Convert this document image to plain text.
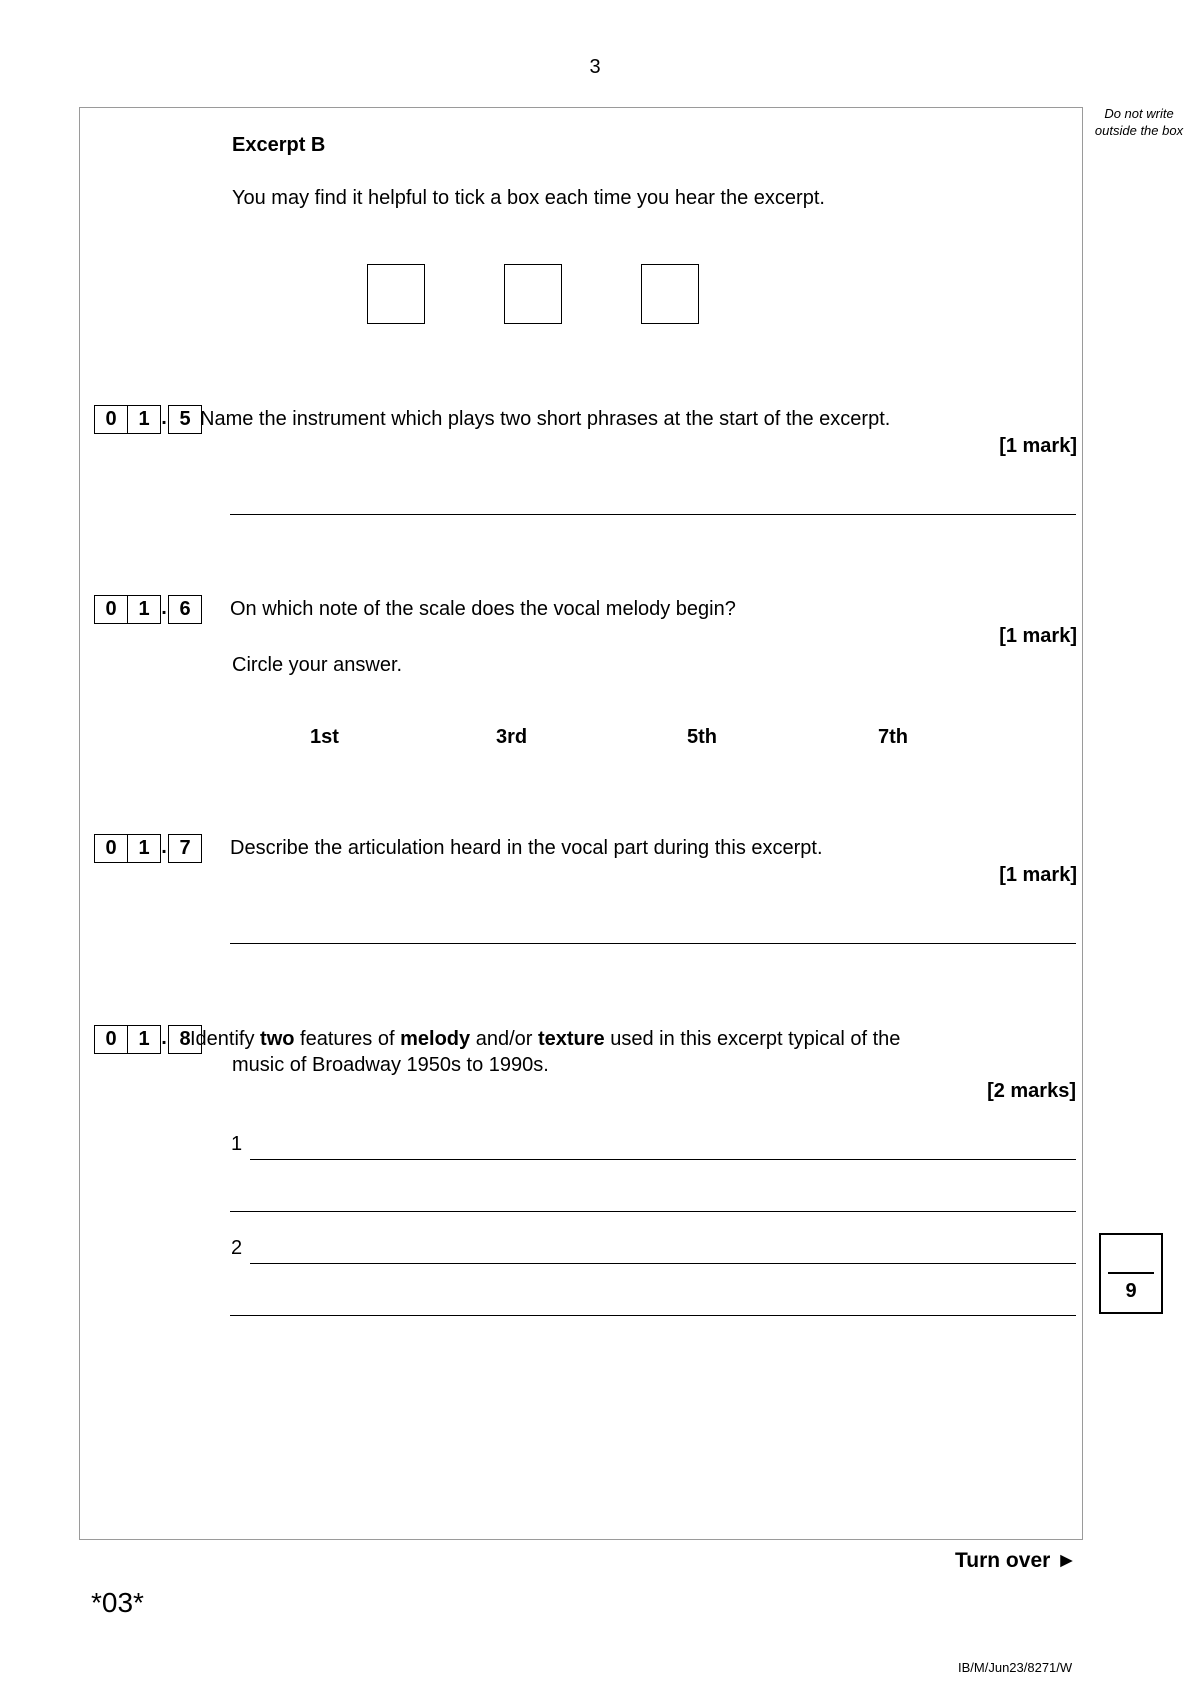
3
Do not write outside the box
Excerpt B
You may find it helpful to tick a box each time you hear the excerpt.
0	1 . 5 Name the instrument which plays two short phrases at the start of the excerpt.
[1 mark]
0	1 . 6	On which note of the scale does the vocal melody begin?
[1 mark]
Circle your answer.
1st	3rd	5th	7th
0	1 . 7	Describe the articulation heard in the vocal part during this excerpt.
[1 mark]
0	1 . 8 Identify two features of melody and/or texture used in this excerpt typical of the
music of Broadway 1950s to 1990s.
[2 marks]
1
2
9
Turn over ►
*03*
IB/M/Jun23/8271/W
